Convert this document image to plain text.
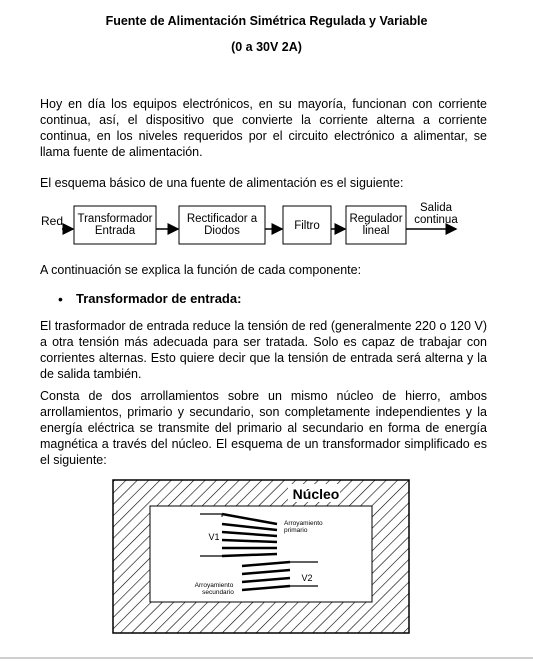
Fuente de Alimentación Simétrica Regulada y Variable
(0 a 30V 2A)

Hoy en día los equipos electrónicos, en su mayoría, funcionan con corriente continua, así, el dispositivo que convierte la corriente alterna a corriente continua, en los niveles requeridos por el circuito electrónico a alimentar, se llama fuente de alimentación.

El esquema básico de una fuente de alimentación es el siguiente:

Red Transformador
Entrada
Rectificador a
Diodos	Filtro
Regulador
lineal
Salida
continua

A continuación se explica la función de cada componente:

• Transformador de entrada:

El trasformador de entrada reduce la tensión de red (generalmente 220 o 120 V) a otra tensión más adecuada para ser tratada. Solo es capaz de trabajar con corrientes alternas. Esto quiere decir que la tensión de entrada será alterna y la de salida también.

Consta de dos arrollamientos sobre un mismo núcleo de hierro, ambos arrollamientos, primario y secundario, son completamente independientes y la energía eléctrica se transmite del primario al secundario en forma de energía magnética a través del núcleo. El esquema de un transformador simplificado es el siguiente:

Núcleo
V1
V2
Arroyamiento
primario
Arroyamiento
secundario
